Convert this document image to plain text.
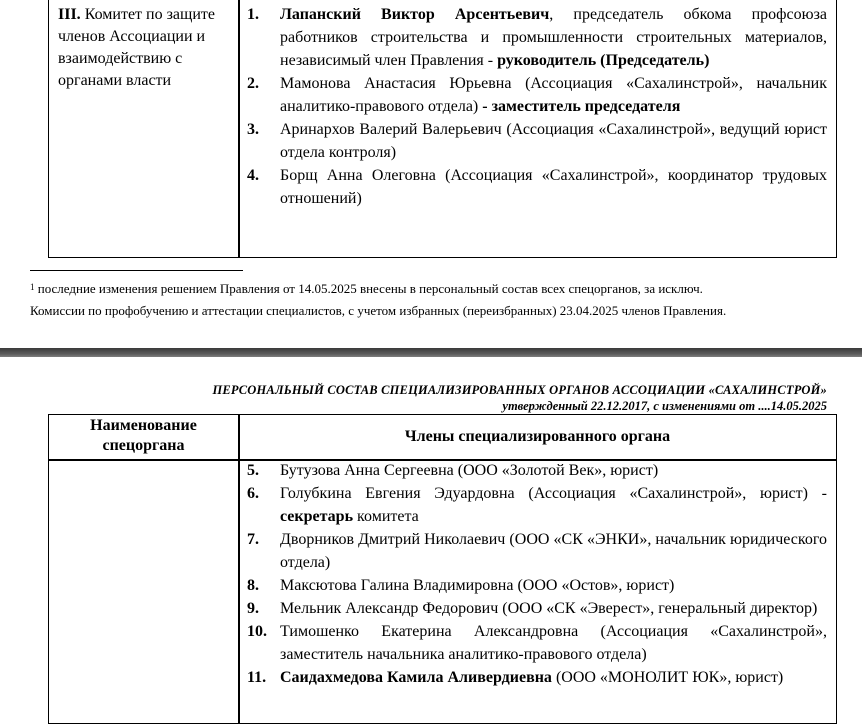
III. Комитет по защите членов Ассоциации и взаимодействию с органами власти
1. Лапанский Виктор Арсентьевич, председатель обкома профсоюза работников строительства и промышленности строительных материалов, независимый член Правления - руководитель (Председатель)
2. Мамонова Анастасия Юрьевна (Ассоциация «Сахалинстрой», начальник аналитико-правового отдела) - заместитель председателя
3. Аринархов Валерий Валерьевич (Ассоциация «Сахалинстрой», ведущий юрист отдела контроля)
4. Борщ Анна Олеговна (Ассоциация «Сахалинстрой», координатор трудовых отношений)
$^1$ последние изменения решением Правления от 14.05.2025 внесены в персональный состав всех спецорганов, за исключ.
Комиссии по профобучению и аттестации специалистов, с учетом избранных (переизбранных) 23.04.2025 членов Правления.
ПЕРСОНАЛЬНЫЙ СОСТАВ СПЕЦИАЛИЗИРОВАННЫХ ОРГАНОВ АССОЦИАЦИИ «САХАЛИНСТРОЙ»
утвержденный 22.12.2017, с изменениями от ....14.05.2025
Наименование спецоргана
Члены специализированного органа
5. Бутузова Анна Сергеевна (ООО «Золотой Век», юрист)
6. Голубкина Евгения Эдуардовна (Ассоциация «Сахалинстрой», юрист) - секретарь комитета
7. Дворников Дмитрий Николаевич (ООО «СК «ЭНКИ», начальник юридического отдела)
8. Максютова Галина Владимировна (ООО «Остов», юрист)
9. Мельник Александр Федорович (ООО «СК «Эверест», генеральный директор)
10. Тимошенко Екатерина Александровна (Ассоциация «Сахалинстрой», заместитель начальника аналитико-правового отдела)
11. Саидахмедова Камила Аливердиевна (ООО «МОНОЛИТ ЮК», юрист)
